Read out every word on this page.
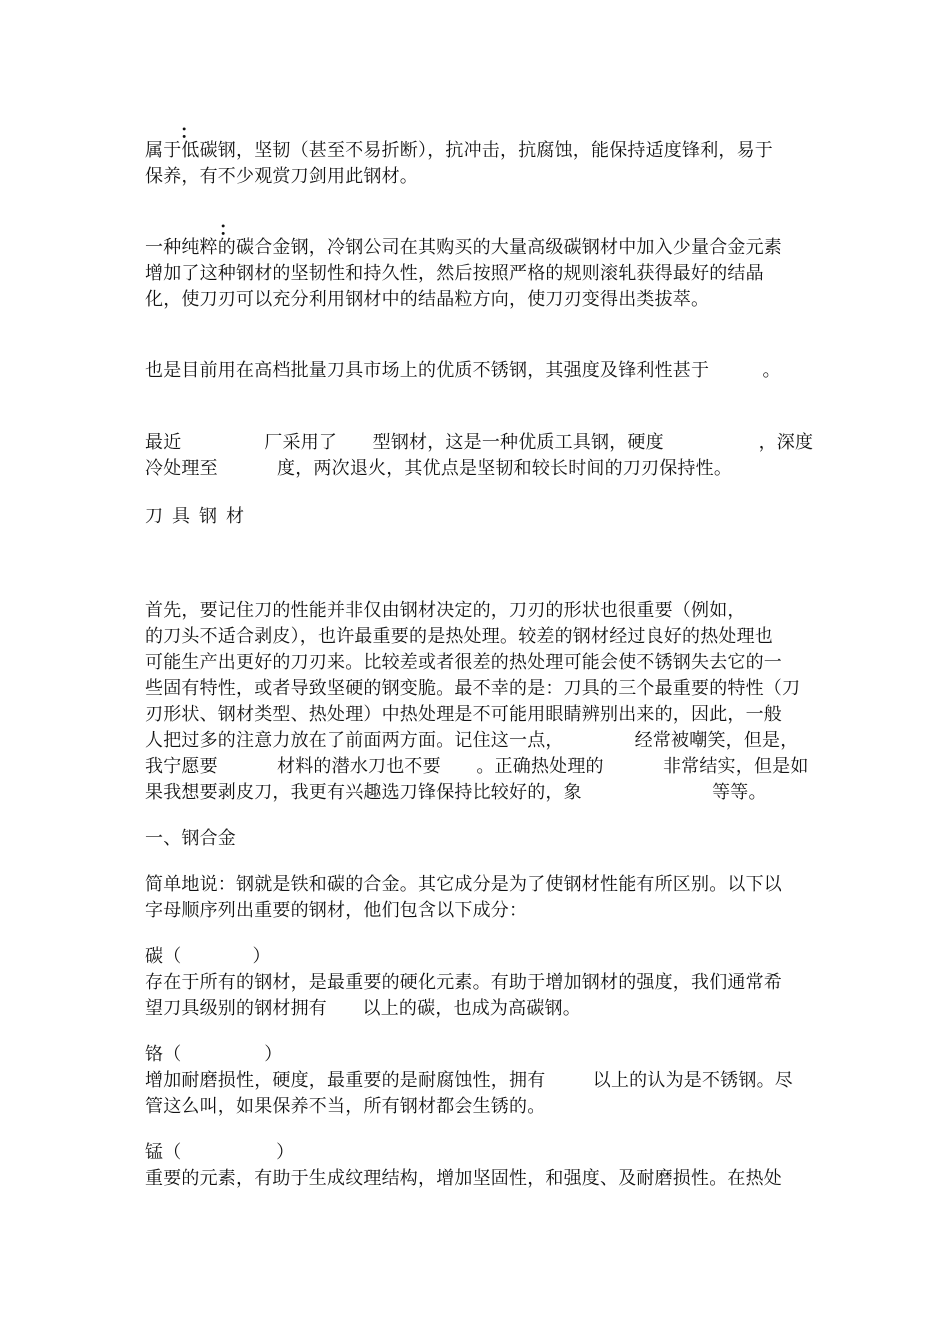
：
属于低碳钢，坚韧（甚至不易折断），抗冲击，抗腐蚀，能保持适度锋利，易于
保养，有不少观赏刀剑用此钢材。
：
一种纯粹的碳合金钢，冷钢公司在其购买的大量高级碳钢材中加入少量合金元素
增加了这种钢材的坚韧性和持久性，然后按照严格的规则滚轧获得最好的结晶
化，使刀刃可以充分利用钢材中的结晶粒方向，使刀刃变得出类拔萃。
也是目前用在高档批量刀具市场上的优质不锈钢，其强度及锋利性甚于         。
最近              厂采用了      型钢材，这是一种优质工具钢，硬度                ，深度
冷处理至          度，两次退火，其优点是坚韧和较长时间的刀刃保持性。
刀具钢材
首先，要记住刀的性能并非仅由钢材决定的，刀刃的形状也很重要（例如，
的刀头不适合剥皮），也许最重要的是热处理。较差的钢材经过良好的热处理也
可能生产出更好的刀刃来。比较差或者很差的热处理可能会使不锈钢失去它的一
些固有特性，或者导致坚硬的钢变脆。最不幸的是：刀具的三个最重要的特性（刀
刃形状、钢材类型、热处理）中热处理是不可能用眼睛辨别出来的，因此，一般
人把过多的注意力放在了前面两方面。记住这一点，            经常被嘲笑，但是，
我宁愿要          材料的潜水刀也不要      。正确热处理的          非常结实，但是如
果我想要剥皮刀，我更有兴趣选刀锋保持比较好的，象                      等等。
一、钢合金
简单地说：钢就是铁和碳的合金。其它成分是为了使钢材性能有所区别。以下以
字母顺序列出重要的钢材，他们包含以下成分：
碳（            ）
存在于所有的钢材，是最重要的硬化元素。有助于增加钢材的强度，我们通常希
望刀具级别的钢材拥有      以上的碳，也成为高碳钢。
铬（              ）
增加耐磨损性，硬度，最重要的是耐腐蚀性，拥有        以上的认为是不锈钢。尽
管这么叫，如果保养不当，所有钢材都会生锈的。
锰（                ）
重要的元素，有助于生成纹理结构，增加坚固性，和强度、及耐磨损性。在热处
